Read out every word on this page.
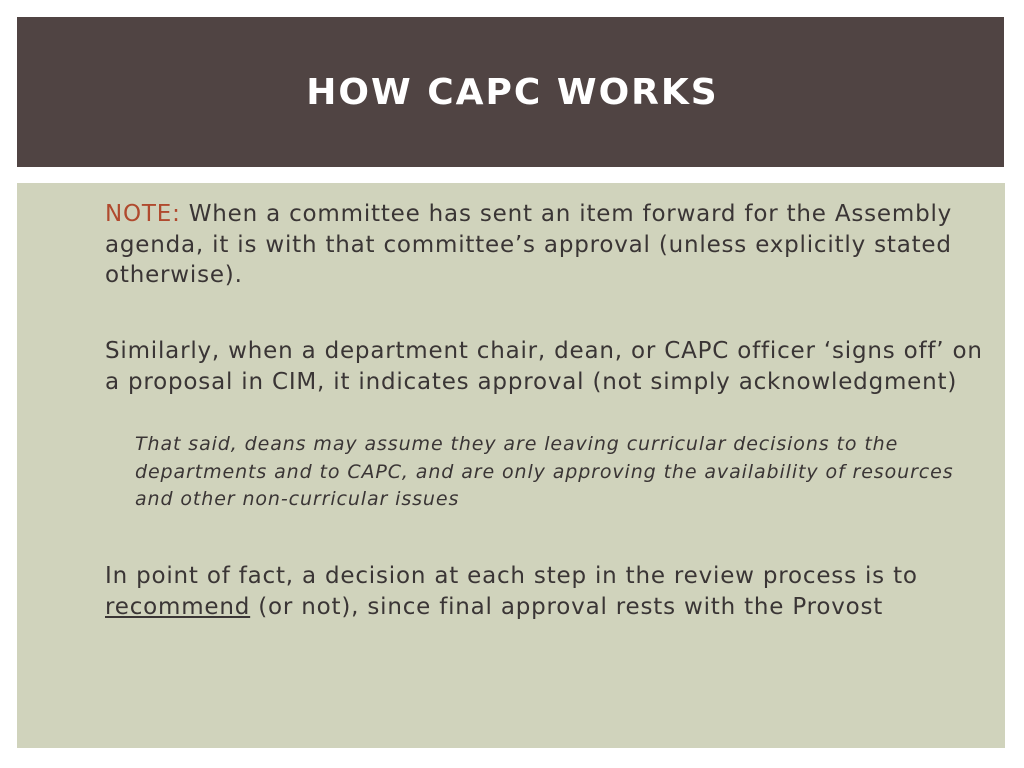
HOW CAPC WORKS

NOTE: When a committee has sent an item forward for the Assembly agenda, it is with that committee’s approval (unless explicitly stated otherwise).

Similarly, when a department chair, dean, or CAPC officer ‘signs off’ on a proposal in CIM, it indicates approval (not simply acknowledgment)

That said, deans may assume they are leaving curricular decisions to the departments and to CAPC, and are only approving the availability of resources and other non-curricular issues

In point of fact, a decision at each step in the review process is to recommend (or not), since final approval rests with the Provost
